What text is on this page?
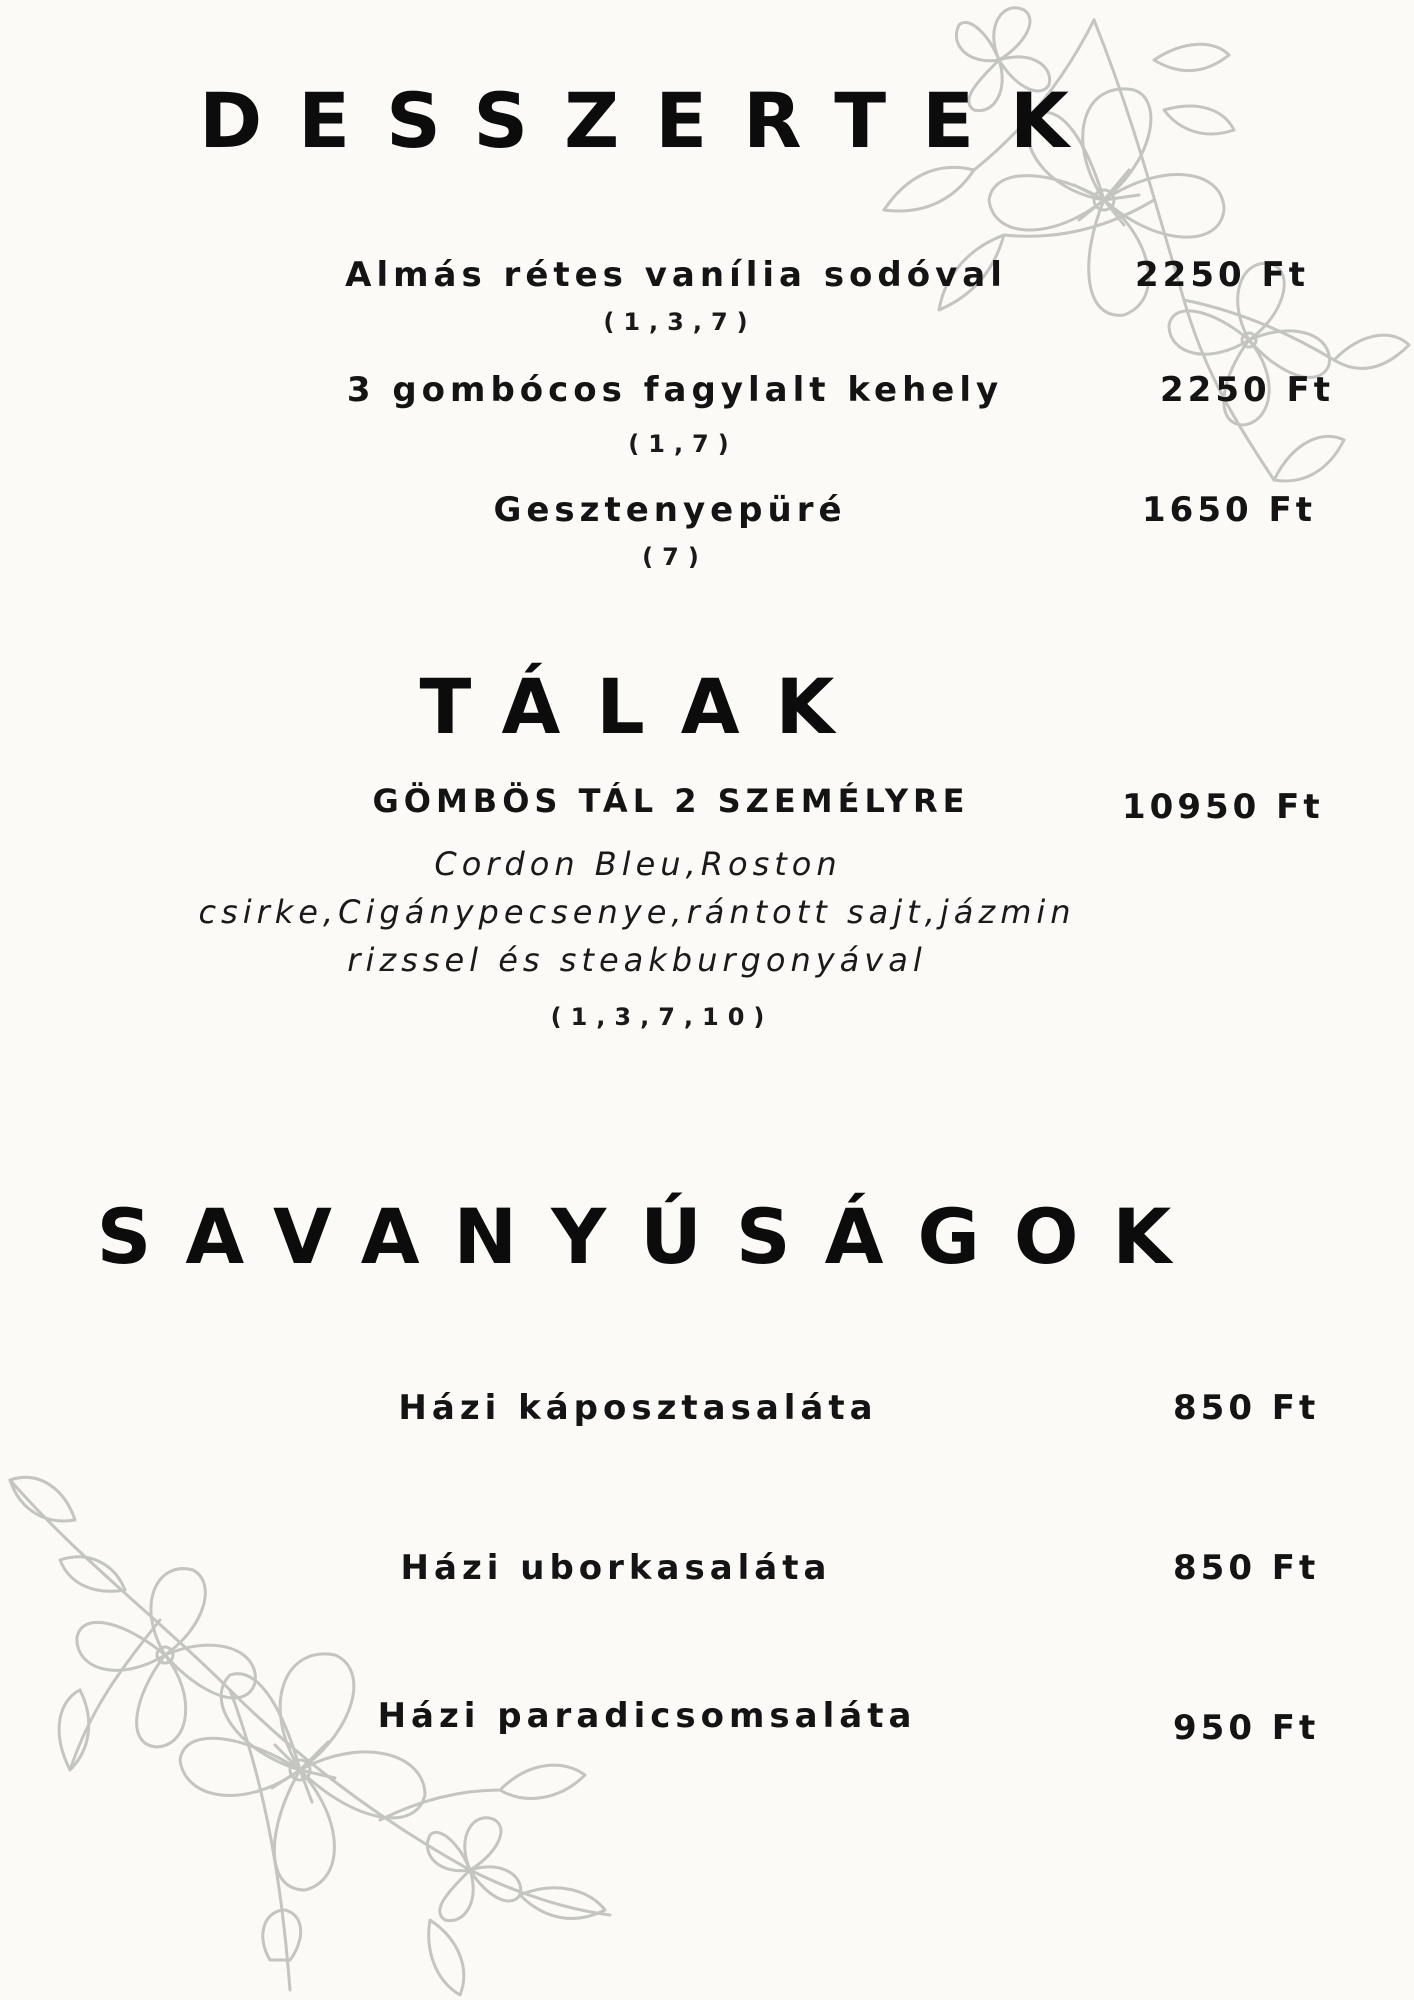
DESSZERTEK
Almás rétes vanília sodóval
(1,3,7)
2250 Ft
3 gombócos fagylalt kehely
(1,7)
2250 Ft
Gesztenyepüré
(7)
1650 Ft
TÁLAK
GÖMBÖS TÁL 2 SZEMÉLYRE	10950 Ft
Cordon Bleu,Roston
csirke,Cigánypecsenye,rántott sajt,jázmin
rizssel és steakburgonyával
(1,3,7,10)
SAVANYÚSÁGOK
Házi káposztasaláta	850 Ft
Házi uborkasaláta	850 Ft
Házi paradicsomsaláta	950 Ft
